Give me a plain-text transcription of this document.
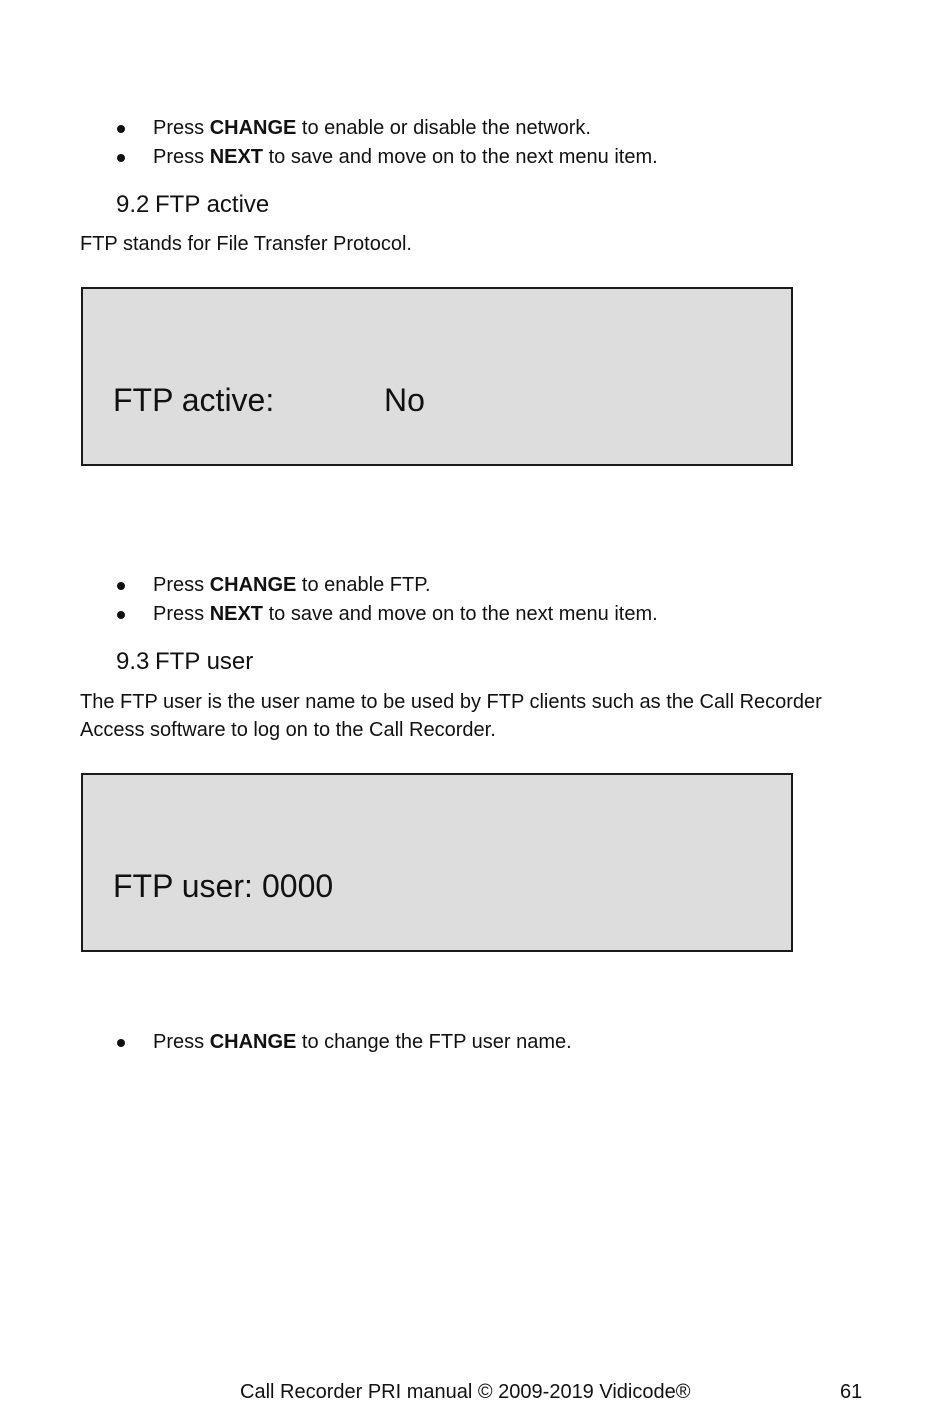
Press CHANGE to enable or disable the network.
Press NEXT to save and move on to the next menu item.
9.2 FTP active

FTP stands for File Transfer Protocol.

FTP active:	No
Press CHANGE to enable FTP.
Press NEXT to save and move on to the next menu item.
9.3 FTP user

The FTP user is the user name to be used by FTP clients such as the Call Recorder Access software to log on to the Call Recorder.

FTP user: 0000
Press CHANGE to change the FTP user name.
Call Recorder PRI manual © 2009-2019 Vidicode®	61
